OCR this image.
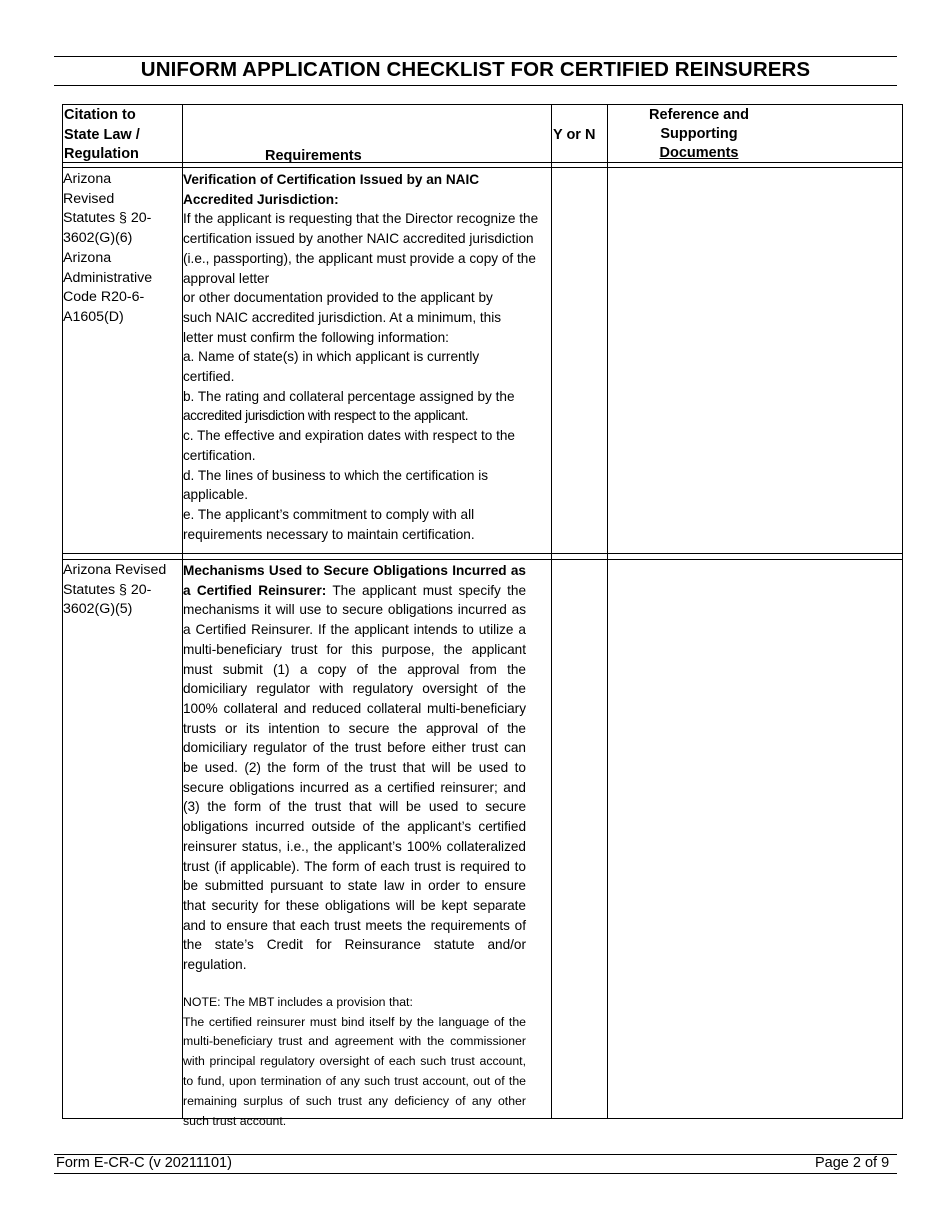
UNIFORM APPLICATION CHECKLIST FOR CERTIFIED REINSURERS
Citation to
State Law /
Regulation	Requirements
Y or N
Reference and
Supporting
Documents
Arizona
Revised
Statutes § 20-
3602(G)(6)
Arizona
Administrative
Code R20-6-
A1605(D)
Verification of Certification Issued by an NAIC
Accredited Jurisdiction:
If the applicant is requesting that the Director recognize the
certification issued by another NAIC accredited jurisdiction
(i.e., passporting), the applicant must provide a copy of the
approval letter
or other documentation provided to the applicant by
such NAIC accredited jurisdiction. At a minimum, this
letter must confirm the following information:
a. Name of state(s) in which applicant is currently
certified.
b. The rating and collateral percentage assigned by the
accredited jurisdiction with respect to the applicant.
c. The effective and expiration dates with respect to the
certification.
d. The lines of business to which the certification is
applicable.
e. The applicant’s commitment to comply with all
requirements necessary to maintain certification.
Arizona Revised
Statutes § 20-
3602(G)(5)

Mechanisms Used to Secure Obligations Incurred as a Certified Reinsurer: The applicant must specify the mechanisms it will use to secure obligations incurred as a Certified Reinsurer. If the applicant intends to utilize a multi-beneficiary trust for this purpose, the applicant must submit (1) a copy of the approval from the domiciliary regulator with regulatory oversight of the 100% collateral and reduced collateral multi-beneficiary trusts or its intention to secure the approval of the domiciliary regulator of the trust before either trust can be used. (2) the form of the trust that will be used to secure obligations incurred as a certified reinsurer; and (3) the form of the trust that will be used to secure obligations incurred outside of the applicant’s certified reinsurer status, i.e., the applicant’s 100% collateralized trust (if applicable). The form of each trust is required to be submitted pursuant to state law in order to ensure that security for these obligations will be kept separate and to ensure that each trust meets the requirements of the state’s Credit for Reinsurance statute and/or regulation.

NOTE: The MBT includes a provision that:

The certified reinsurer must bind itself by the language of the multi-beneficiary trust and agreement with the commissioner with principal regulatory oversight of each such trust account, to fund, upon termination of any such trust account, out of the remaining surplus of such trust any deficiency of any other such trust account.

Form E-CR-C (v 20211101)	Page 2 of 9
